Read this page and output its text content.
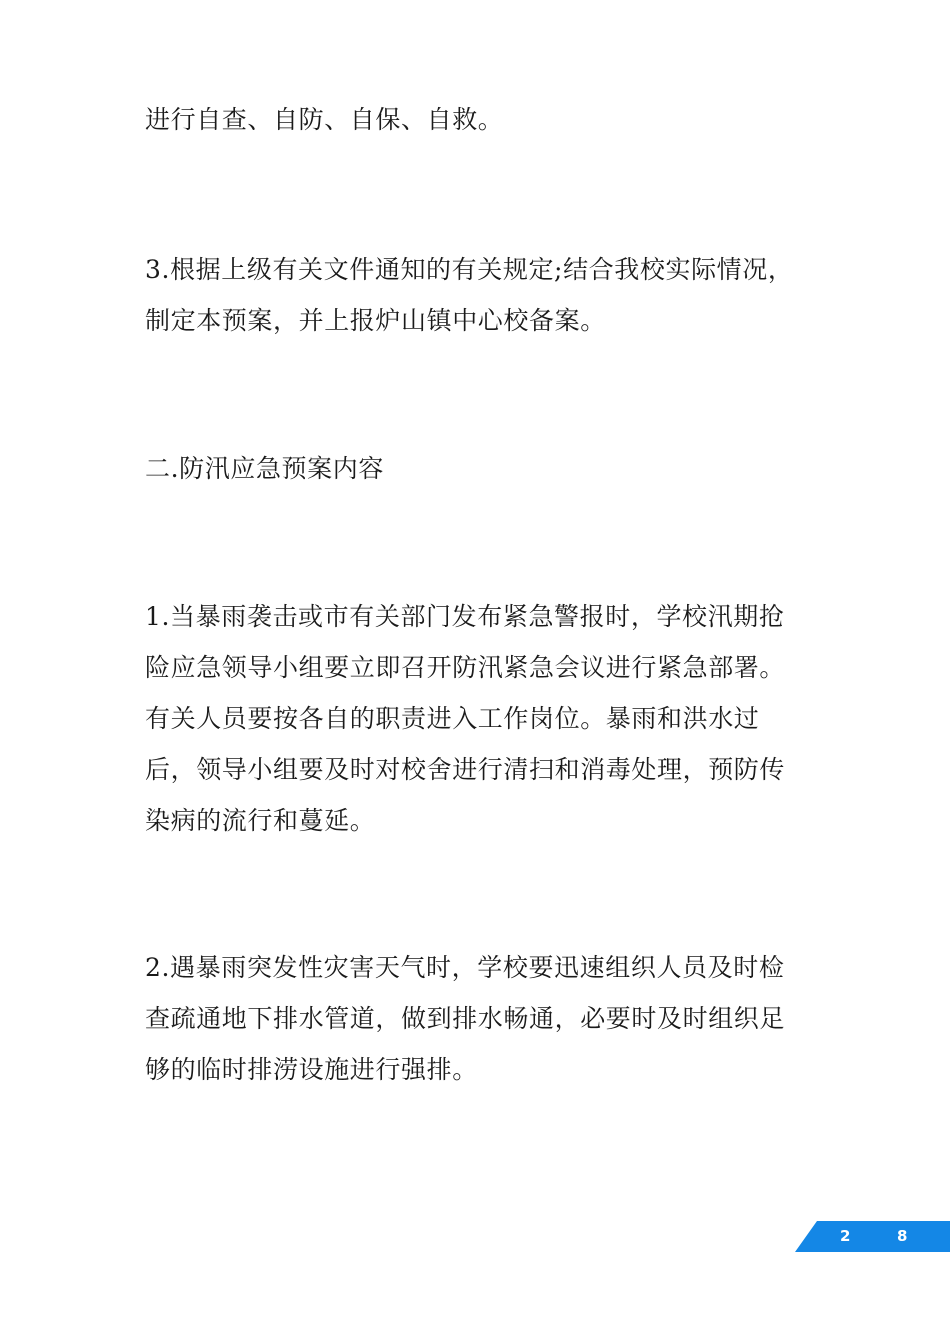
进行自查、自防、自保、自救。

3.根据上级有关文件通知的有关规定;结合我校实际情况，制定本预案，并上报炉山镇中心校备案。

二.防汛应急预案内容

1.当暴雨袭击或市有关部门发布紧急警报时，学校汛期抢险应急领导小组要立即召开防汛紧急会议进行紧急部署。有关人员要按各自的职责进入工作岗位。暴雨和洪水过后，领导小组要及时对校舍进行清扫和消毒处理，预防传染病的流行和蔓延。

2.遇暴雨突发性灾害天气时，学校要迅速组织人员及时检查疏通地下排水管道，做到排水畅通，必要时及时组织足够的临时排涝设施进行强排。

2	8
